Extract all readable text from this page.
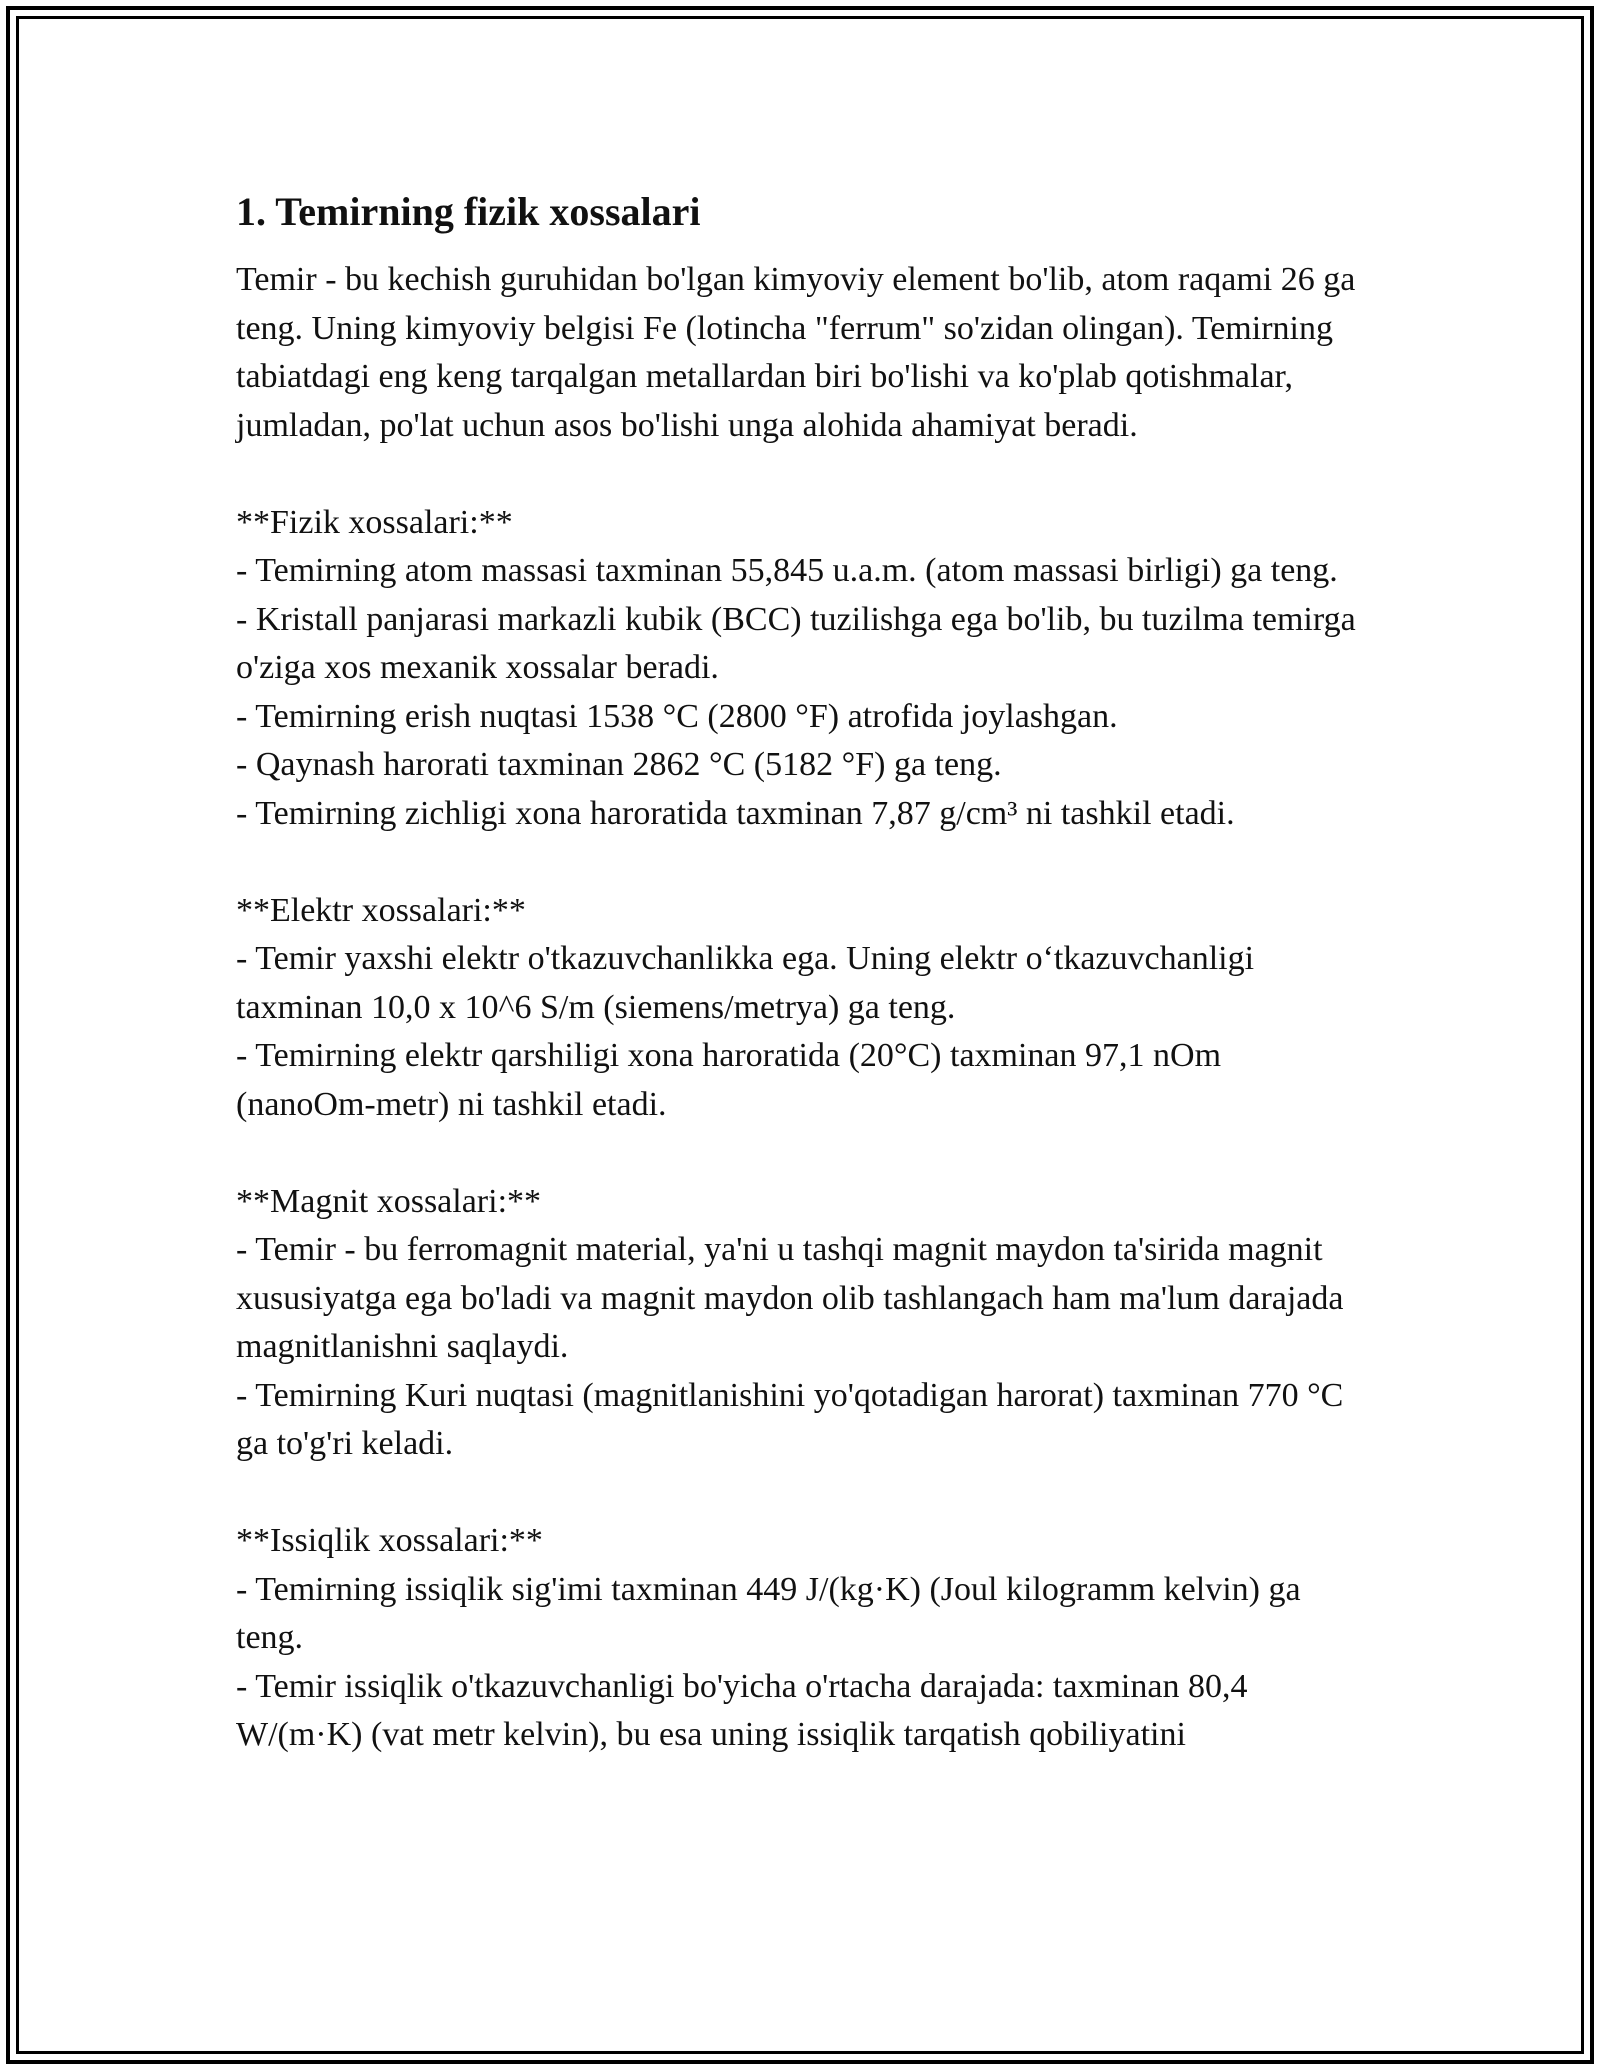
1. Temirning fizik xossalari

Temir - bu kechish guruhidan bo'lgan kimyoviy element bo'lib, atom raqami 26 ga teng. Uning kimyoviy belgisi Fe (lotincha "ferrum" so'zidan olingan). Temirning tabiatdagi eng keng tarqalgan metallardan biri bo'lishi va ko'plab qotishmalar, jumladan, po'lat uchun asos bo'lishi unga alohida ahamiyat beradi.

**Fizik xossalari:**
- Temirning atom massasi taxminan 55,845 u.a.m. (atom massasi birligi) ga teng.
- Kristall panjarasi markazli kubik (BCC) tuzilishga ega bo'lib, bu tuzilma temirga o'ziga xos mexanik xossalar beradi.
- Temirning erish nuqtasi 1538 °C (2800 °F) atrofida joylashgan.
- Qaynash harorati taxminan 2862 °C (5182 °F) ga teng.
- Temirning zichligi xona haroratida taxminan 7,87 g/cm³ ni tashkil etadi.
**Elektr xossalari:**
- Temir yaxshi elektr o'tkazuvchanlikka ega. Uning elektr o‘tkazuvchanligi taxminan 10,0 x 10^6 S/m (siemens/metrya) ga teng.
- Temirning elektr qarshiligi xona haroratida (20°C) taxminan 97,1 nOm (nanoOm-metr) ni tashkil etadi.
**Magnit xossalari:**
- Temir - bu ferromagnit material, ya'ni u tashqi magnit maydon ta'sirida magnit xususiyatga ega bo'ladi va magnit maydon olib tashlangach ham ma'lum darajada magnitlanishni saqlaydi.
- Temirning Kuri nuqtasi (magnitlanishini yo'qotadigan harorat) taxminan 770 °C ga to'g'ri keladi.
**Issiqlik xossalari:**
- Temirning issiqlik sig'imi taxminan 449 J/(kg·K) (Joul kilogramm kelvin) ga teng.
- Temir issiqlik o'tkazuvchanligi bo'yicha o'rtacha darajada: taxminan 80,4 W/(m·K) (vat metr kelvin), bu esa uning issiqlik tarqatish qobiliyatini
